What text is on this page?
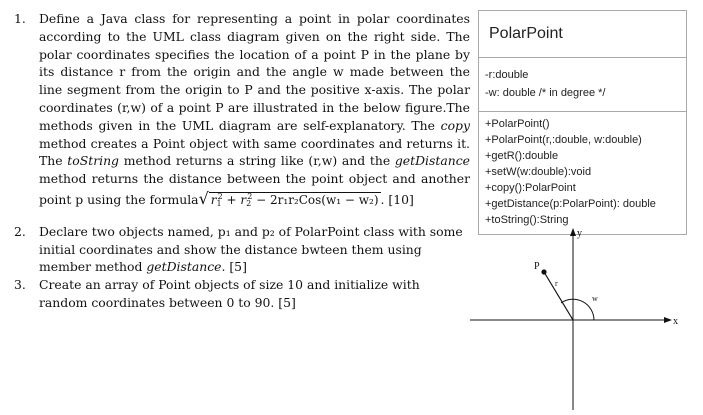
1.	Define a Java class for representing a point in polar coordinates according to the UML class diagram given on the right side. The polar coordinates specifies the location of a point P in the plane by its distance r from the origin and the angle w made between the line segment from the origin to P and the positive x-axis. The polar coordinates (r,w) of a point P are illustrated in the below figure.The methods given in the UML diagram are self-explanatory. The copy method creates a Point object with same coordinates and returns it. The toString method returns a string like (r,w) and the getDistance method returns the distance between the point object and another point p using the formula√ $r_1^2 + r_2^2 - 2r_1r_2Cos(w_1 - w_2)$ . [10]
2.	Declare two objects named, p₁ and p₂ of PolarPoint class with some initial coordinates and show the distance bwteen them using member method getDistance. [5]
3.	Create an array of Point objects of size 10 and initialize with random coordinates between 0 to 90. [5]
PolarPoint
-r:double
-w: double /* in degree */
+PolarPoint()
+PolarPoint(r,:double, w:double)
+getR():double
+setW(w:double):void
+copy():PolarPoint
+getDistance(p:PolarPoint): double
+toString():String
y
x
P
r
w
